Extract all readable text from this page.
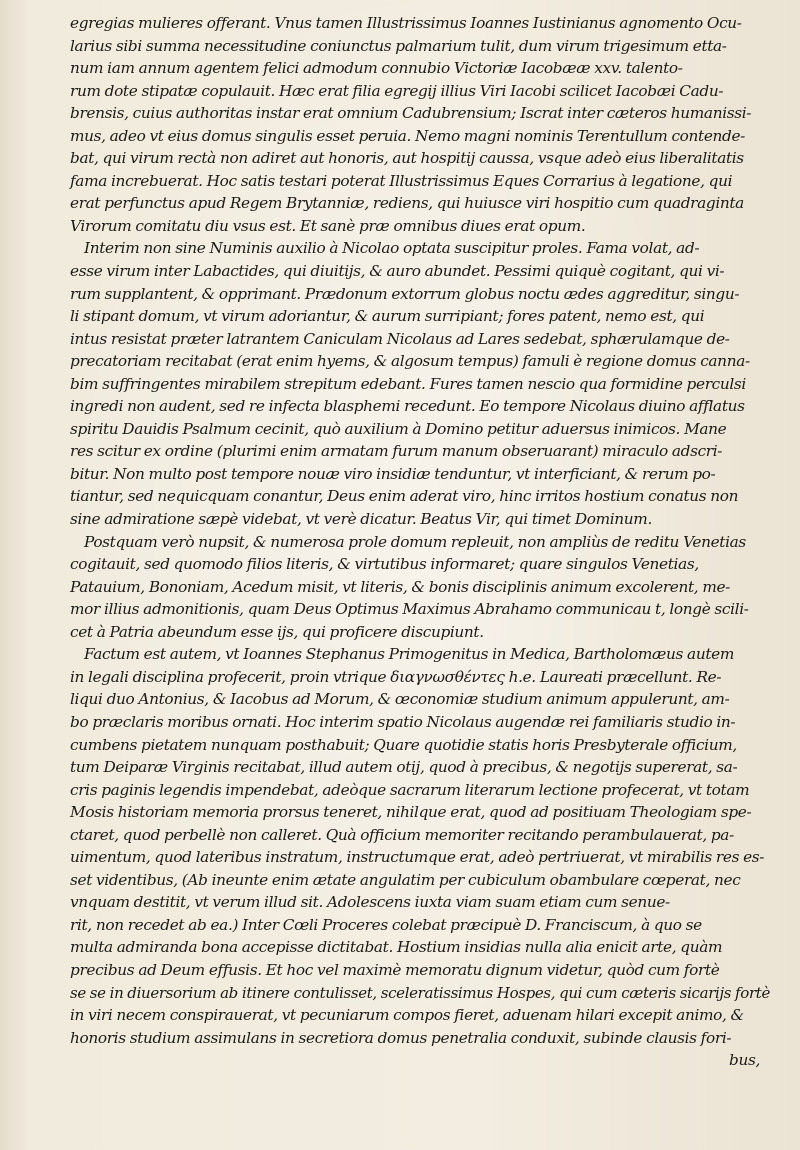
egregias mulieres offerant. Vnus tamen Illustrissimus Ioannes Iustinianus agnomento Ocu-
larius sibi summa necessitudine coniunctus palmarium tulit, dum virum trigesimum etta-
num iam annum agentem felici admodum connubio Victoriæ Iacobææ xxv. talento-
rum dote stipatæ copulauit. Hæc erat filia egregij illius Viri Iacobi scilicet Iacobæi Cadu-
brensis, cuius authoritas instar erat omnium Cadubrensium; Iscrat inter cæteros humanissi-
mus, adeo vt eius domus singulis esset peruia. Nemo magni nominis Terentullum contende-
bat, qui virum rectà non adiret aut honoris, aut hospitij caussa, vsque adeò eius liberalitatis
fama increbuerat. Hoc satis testari poterat Illustrissimus Eques Corrarius à legatione, qui
erat perfunctus apud Regem Brytanniæ, rediens, qui huiusce viri hospitio cum quadraginta
Virorum comitatu diu vsus est. Et sanè præ omnibus diues erat opum.
Interim non sine Numinis auxilio à Nicolao optata suscipitur proles. Fama volat, ad-
esse virum inter Labactides, qui diuitijs, & auro abundet. Pessimi quiquè cogitant, qui vi-
rum supplantent, & opprimant. Prædonum extorrum globus noctu ædes aggreditur, singu-
li stipant domum, vt virum adoriantur, & aurum surripiant; fores patent, nemo est, qui
intus resistat præter latrantem Caniculam Nicolaus ad Lares sedebat, sphærulamque de-
precatoriam recitabat (erat enim hyems, & algosum tempus) famuli è regione domus canna-
bim suffringentes mirabilem strepitum edebant. Fures tamen nescio qua formidine perculsi
ingredi non audent, sed re infecta blasphemi recedunt. Eo tempore Nicolaus diuino afflatus
spiritu Dauidis Psalmum cecinit, quò auxilium à Domino petitur aduersus inimicos. Mane
res scitur ex ordine (plurimi enim armatam furum manum obseruarant) miraculo adscri-
bitur. Non multo post tempore nouæ viro insidiæ tenduntur, vt interficiant, & rerum po-
tiantur, sed nequicquam conantur, Deus enim aderat viro, hinc irritos hostium conatus non
sine admiratione sæpè videbat, vt verè dicatur. Beatus Vir, qui timet Dominum.
Postquam verò nupsit, & numerosa prole domum repleuit, non ampliùs de reditu Venetias
cogitauit, sed quomodo filios literis, & virtutibus informaret; quare singulos Venetias,
Patauium, Bononiam, Acedum misit, vt literis, & bonis disciplinis animum excolerent, me-
mor illius admonitionis, quam Deus Optimus Maximus Abrahamo communicau t, longè scili-
cet à Patria abeundum esse ijs, qui proficere discupiunt.
Factum est autem, vt Ioannes Stephanus Primogenitus in Medica, Bartholomæus autem
in legali disciplina profecerit, proin vtrique διαγνωσθέντες h.e. Laureati præcellunt. Re-
liqui duo Antonius, & Iacobus ad Morum, & œconomiæ studium animum appulerunt, am-
bo præclaris moribus ornati. Hoc interim spatio Nicolaus augendæ rei familiaris studio in-
cumbens pietatem nunquam posthabuit; Quare quotidie statis horis Presbyterale officium,
tum Deiparæ Virginis recitabat, illud autem otij, quod à precibus, & negotijs supererat, sa-
cris paginis legendis impendebat, adeòque sacrarum literarum lectione profecerat, vt totam
Mosis historiam memoria prorsus teneret, nihilque erat, quod ad positiuam Theologiam spe-
ctaret, quod perbellè non calleret. Quà officium memoriter recitando perambulauerat, pa-
uimentum, quod lateribus instratum, instructumque erat, adeò pertriuerat, vt mirabilis res es-
set videntibus, (Ab ineunte enim ætate angulatim per cubiculum obambulare cœperat, nec
vnquam destitit, vt verum illud sit. Adolescens iuxta viam suam etiam cum senue-
rit, non recedet ab ea.) Inter Cœli Proceres colebat præcipuè D. Franciscum, à quo se
multa admiranda bona accepisse dictitabat. Hostium insidias nulla alia enicit arte, quàm
precibus ad Deum effusis. Et hoc vel maximè memoratu dignum videtur, quòd cum fortè
se se in diuersorium ab itinere contulisset, sceleratissimus Hospes, qui cum cæteris sicarijs fortè
in viri necem conspirauerat, vt pecuniarum compos fieret, aduenam hilari excepit animo, &
honoris studium assimulans in secretiora domus penetralia conduxit, subinde clausis fori-
bus,
